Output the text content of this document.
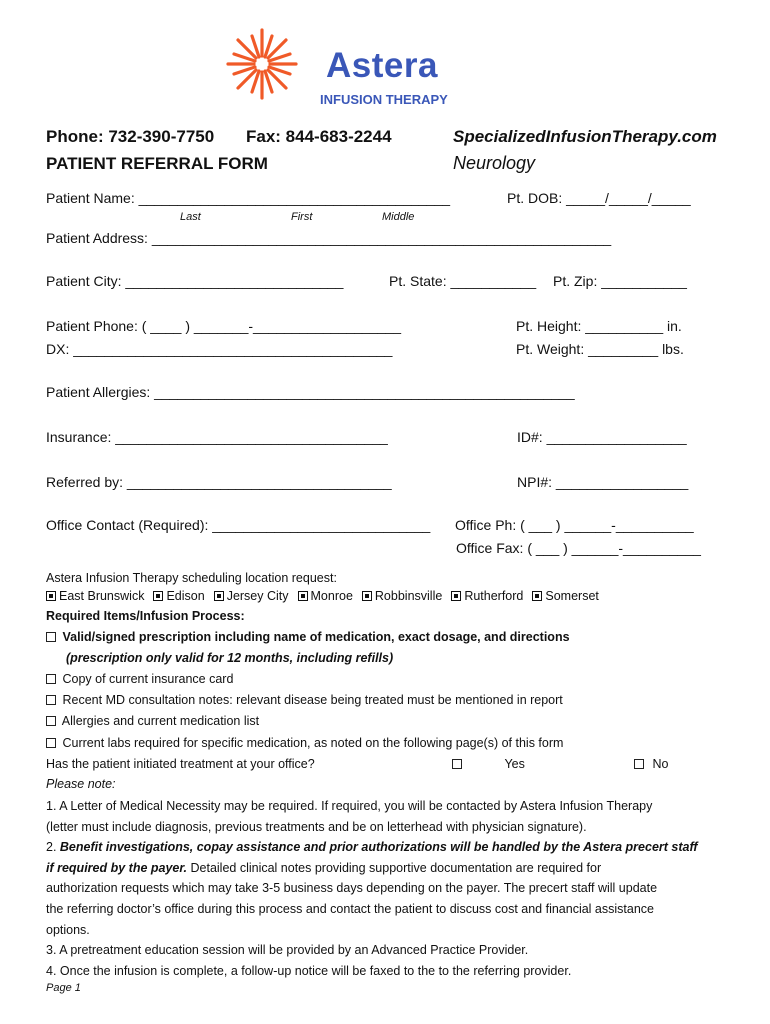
Astera
INFUSION THERAPY
Phone: 732-390-7750 Fax: 844-683-2244	SpecializedInfusionTherapy.com
PATIENT REFERRAL FORM	Neurology
Patient Name: ________________________________________	Pt. DOB: _____/_____/_____
Last	First	Middle
Patient Address: ___________________________________________________________
Patient City: ____________________________	Pt. State: ___________ Pt. Zip: ___________
Patient Phone: ( ____ ) _______-___________________	Pt. Height: __________ in.
DX: _________________________________________	Pt. Weight: _________ lbs.
Patient Allergies: ______________________________________________________
Insurance: ___________________________________	ID#: __________________
Referred by: __________________________________	NPI#: _________________
Office Contact (Required): ____________________________ Office Ph: ( ___ ) ______-__________
Office Fax: ( ___ ) ______-__________
Astera Infusion Therapy scheduling location request:
East Brunswick Edison Jersey City Monroe Robbinsville Rutherford Somerset
Required Items/Infusion Process:
Valid/signed prescription including name of medication, exact dosage, and directions
(prescription only valid for 12 months, including refills)
Copy of current insurance card
Recent MD consultation notes: relevant disease being treated must be mentioned in report
Allergies and current medication list
Current labs required for specific medication, as noted on the following page(s) of this form
Has the patient initiated treatment at your office?	Yes	No
Please note:
1. A Letter of Medical Necessity may be required. If required, you will be contacted by Astera Infusion Therapy
(letter must include diagnosis, previous treatments and be on letterhead with physician signature).
2. Benefit investigations, copay assistance and prior authorizations will be handled by the Astera precert staff
if required by the payer. Detailed clinical notes providing supportive documentation are required for
authorization requests which may take 3-5 business days depending on the payer. The precert staff will update
the referring doctor’s office during this process and contact the patient to discuss cost and financial assistance
options.
3. A pretreatment education session will be provided by an Advanced Practice Provider.
4. Once the infusion is complete, a follow-up notice will be faxed to the to the referring provider.
Page 1
